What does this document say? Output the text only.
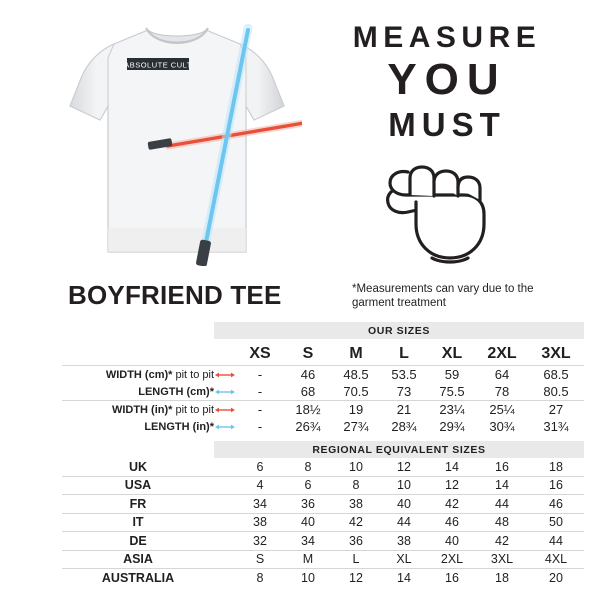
ABSOLUTE CULT
MEASURE
YOU
MUST
BOYFRIEND TEE	*Measurements can vary due to the garment treatment
	OUR SIZES							
		XS	S	M	L	XL	2XL	3XL
WIDTH (cm)* pit to pit		-	46	48.5	53.5	59	64	68.5
LENGTH (cm)*		-	68	70.5	73	75.5	78	80.5
WIDTH (in)* pit to pit		-	18½	19	21	23¼	25¼	27
LENGTH (in)*		-	26¾	27¾	28¾	29¾	30¾	31¾

	REGIONAL EQUIVALENT SIZES							
UK		6	8	10	12	14	16	18
USA		4	6	8	10	12	14	16
FR		34	36	38	40	42	44	46
IT		38	40	42	44	46	48	50
DE		32	34	36	38	40	42	44
ASIA		S	M	L	XL	2XL	3XL	4XL
AUSTRALIA		8	10	12	14	16	18	20
